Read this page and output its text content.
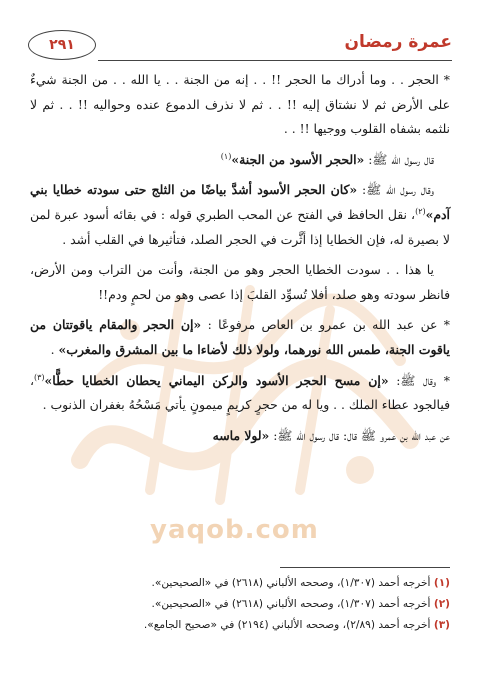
٢٩١	عمرة رمضان
yaqob.com

* الحجر . . وما أدراك ما الحجر !! . . إنه من الجنة . . يا الله . . من الجنة شيءٌ على الأرض ثم لا نشتاق إليه !! . . ثم لا نذرف الدموع عنده وحواليه !! . . ثم لا نلثمه بشفاه القلوب ووجيها !! . .

قال رسول الله ﷺ: «الحجر الأسود من الجنة»$^{(١)}$

وقال رسول الله ﷺ: «كان الحجر الأسود أشدَّ بياضًا من الثلج حتى سودته خطايا بني آدم»$^{(٢)}$، نقل الحافظ في الفتح عن المحب الطبري قوله : في بقائه أسود عبرة لمن لا بصيرة له، فإن الخطايا إذا أثَّرت في الحجر الصلد، فتأثيرها في القلب أشد .

يا هذا . . سودت الخطايا الحجر وهو من الجنة، وأنت من التراب ومن الأرض، فانظر سودته وهو صلد، أفلا تُسوِّد القلبَ إذا عصى وهو من لحمٍ ودم!!

* عن عبد الله بن عمرو بن العاص مرفوعًا : «إن الحجر والمقام ياقوتتان من ياقوت الجنة، طمس الله نورهما، ولولا ذلك لأضاءا ما بين المشرق والمغرب» .

* وقال ﷺ: «إن مسح الحجر الأسود والركن اليماني يحطان الخطايا حطًّا»$^{(٣)}$، فيالجود عطاء الملك . . ويا له من حجرٍ كريمٍ ميمونٍ يأتي مَسْحُهُ بغفران الذنوب .

عن عبد الله بن عمرو ﷺ قال: قال رسول الله ﷺ: «لولا ماسه

(١) أخرجه أحمد (١/٣٠٧)، وصححه الألباني (٢٦١٨) في «الصحيحين».
(٢) أخرجه أحمد (١/٣٠٧)، وصححه الألباني (٢٦١٨) في «الصحيحين».
(٣) أخرجه أحمد (٢/٨٩)، وصححه الألباني (٢١٩٤) في «صحيح الجامع».
